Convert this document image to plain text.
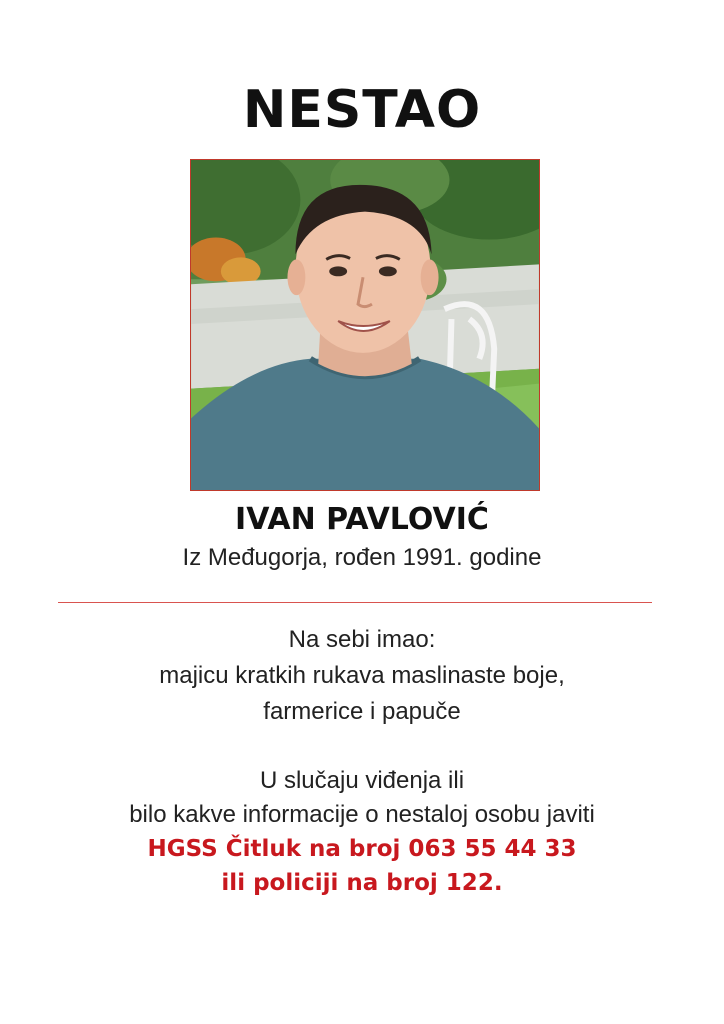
NESTAO
IVAN PAVLOVIĆ
Iz Međugorja, rođen 1991. godine
Na sebi imao:
majicu kratkih rukava maslinaste boje,
farmerice i papuče
U slučaju viđenja ili
bilo kakve informacije o nestaloj osobu javiti
HGSS Čitluk na broj 063 55 44 33
ili policiji na broj 122.
